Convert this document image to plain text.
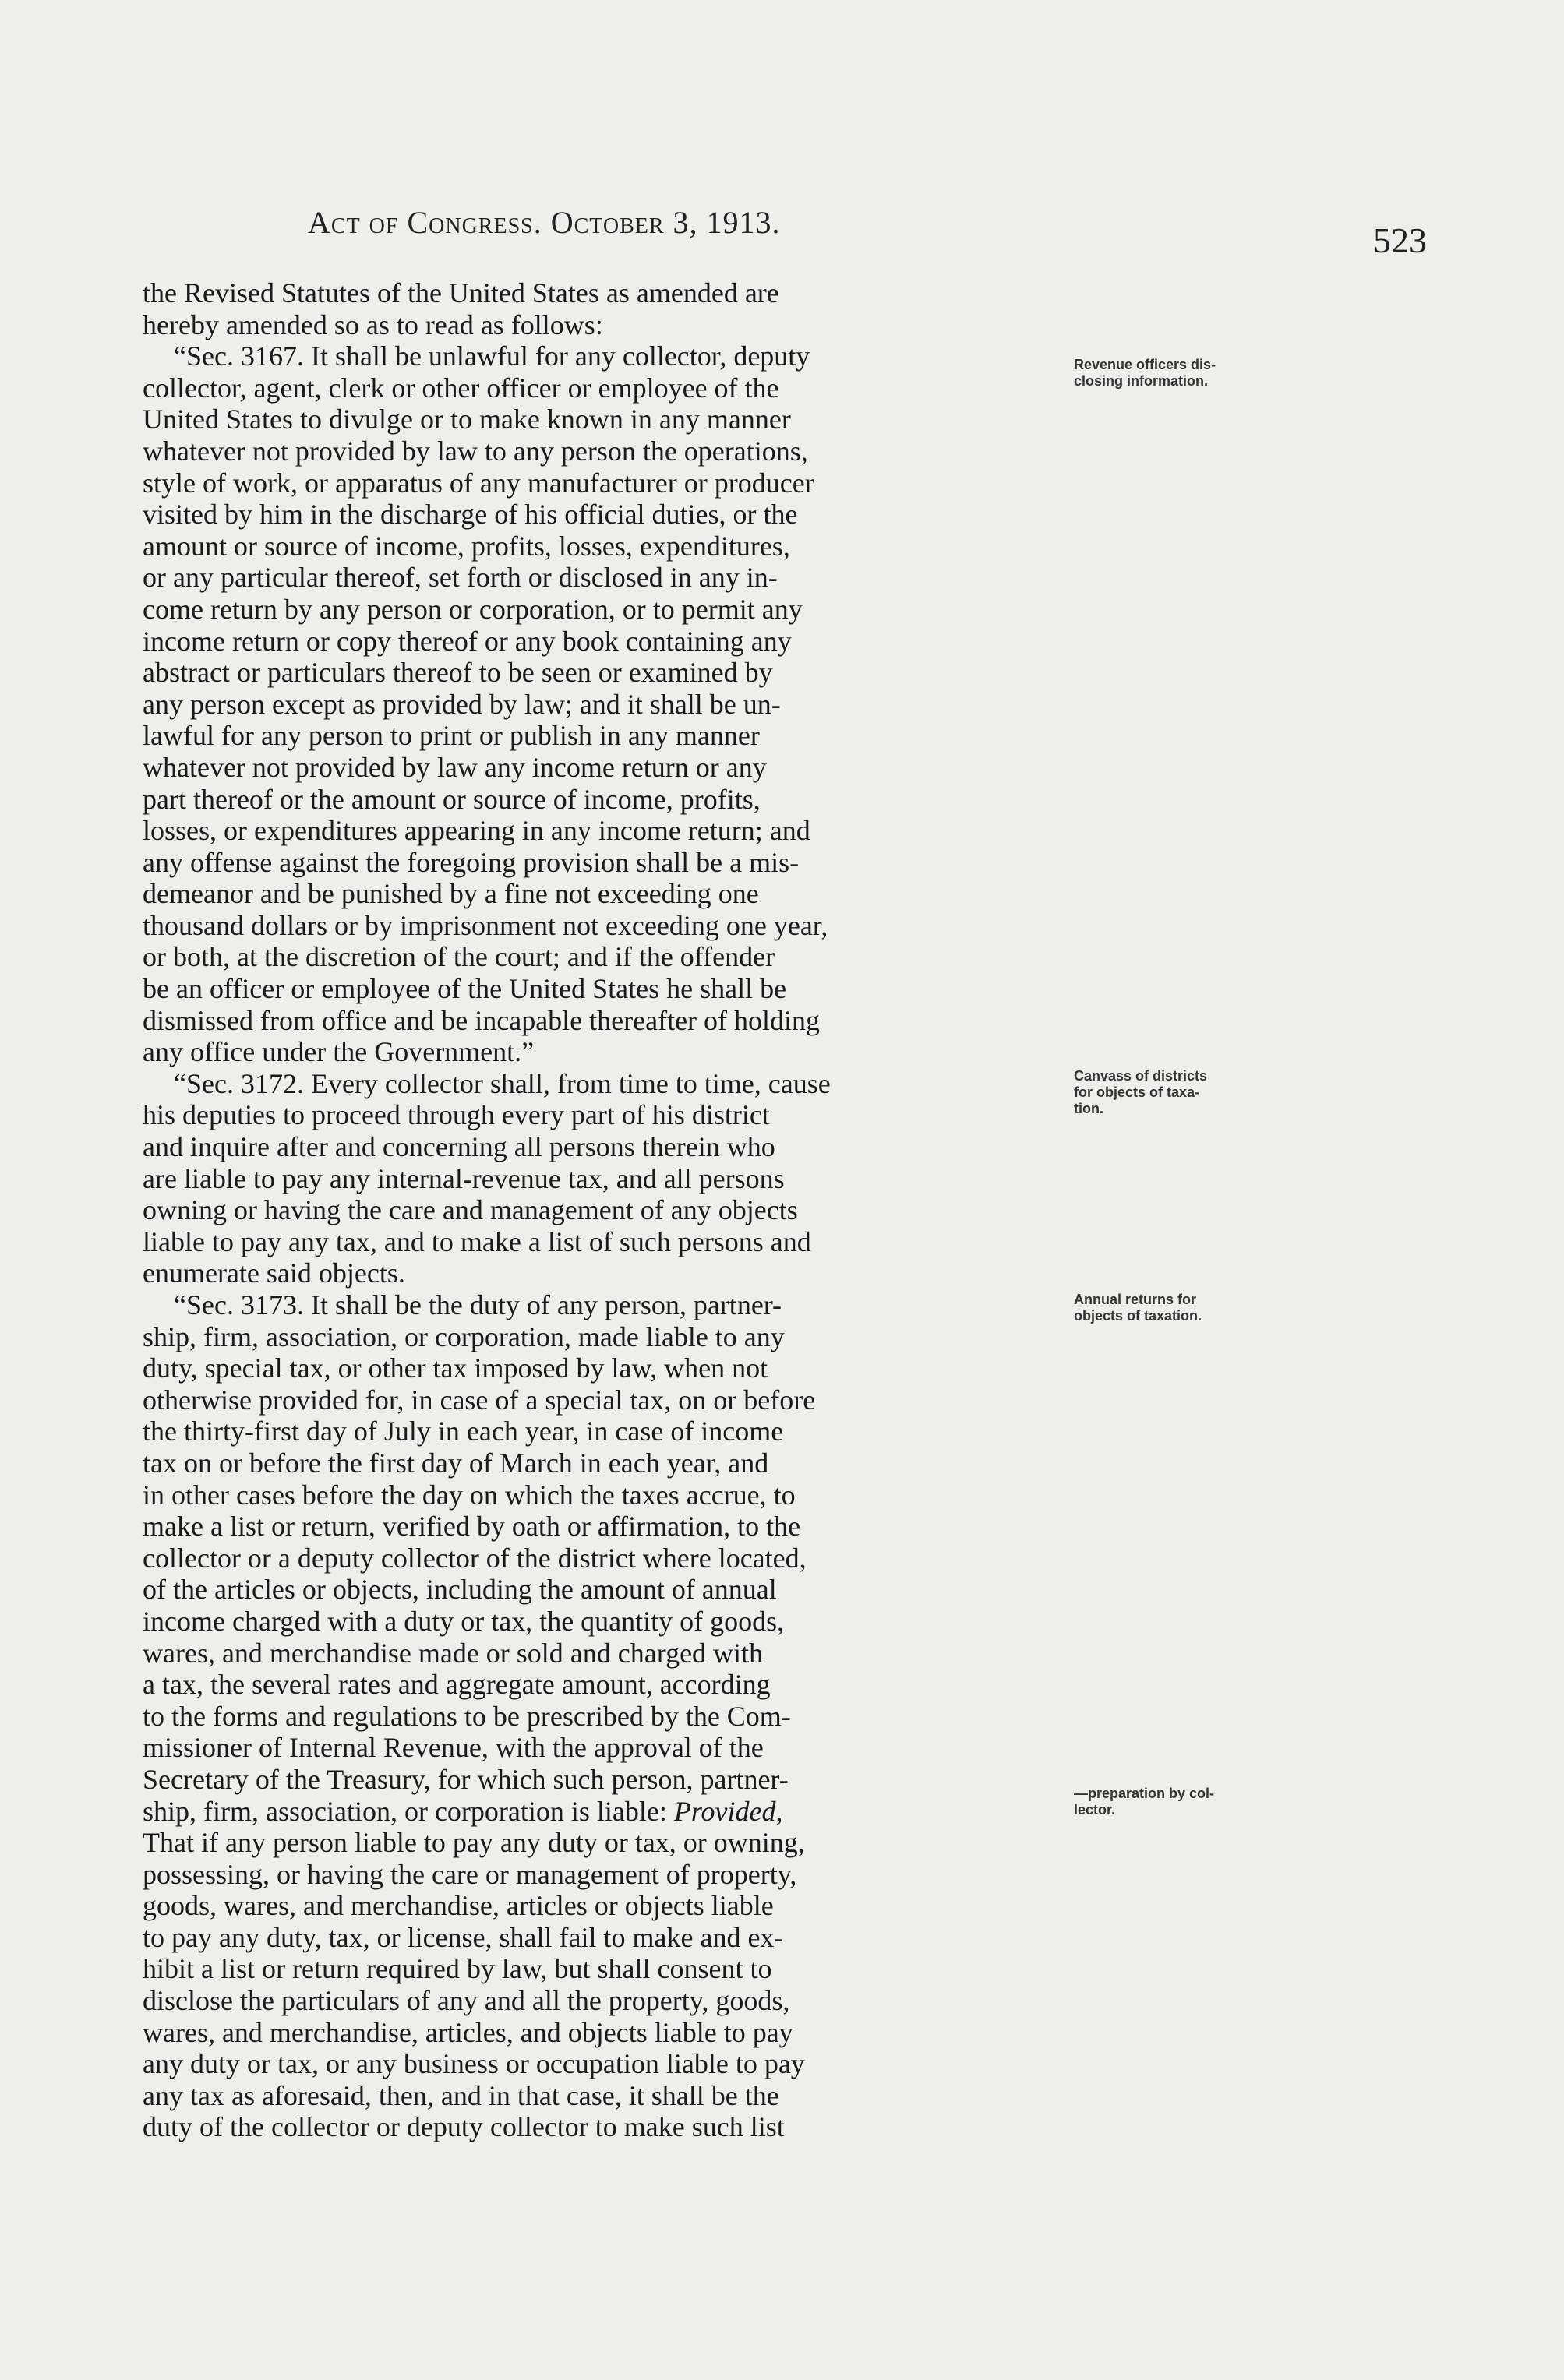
Act of Congress. October 3, 1913.	523
Revenue officers dis-
closing information.
Canvass of districts
for objects of taxa-
tion.
Annual returns for
objects of taxation.
—preparation by col-
lector.
the Revised Statutes of the United States as amended are
hereby amended so as to read as follows:
“Sec. 3167. It shall be unlawful for any collector, deputy
collector, agent, clerk or other officer or employee of the
United States to divulge or to make known in any manner
whatever not provided by law to any person the operations,
style of work, or apparatus of any manufacturer or producer
visited by him in the discharge of his official duties, or the
amount or source of income, profits, losses, expenditures,
or any particular thereof, set forth or disclosed in any in-
come return by any person or corporation, or to permit any
income return or copy thereof or any book containing any
abstract or particulars thereof to be seen or examined by
any person except as provided by law; and it shall be un-
lawful for any person to print or publish in any manner
whatever not provided by law any income return or any
part thereof or the amount or source of income, profits,
losses, or expenditures appearing in any income return; and
any offense against the foregoing provision shall be a mis-
demeanor and be punished by a fine not exceeding one
thousand dollars or by imprisonment not exceeding one year,
or both, at the discretion of the court; and if the offender
be an officer or employee of the United States he shall be
dismissed from office and be incapable thereafter of holding
any office under the Government.”
“Sec. 3172. Every collector shall, from time to time, cause
his deputies to proceed through every part of his district
and inquire after and concerning all persons therein who
are liable to pay any internal-revenue tax, and all persons
owning or having the care and management of any objects
liable to pay any tax, and to make a list of such persons and
enumerate said objects.
“Sec. 3173. It shall be the duty of any person, partner-
ship, firm, association, or corporation, made liable to any
duty, special tax, or other tax imposed by law, when not
otherwise provided for, in case of a special tax, on or before
the thirty-first day of July in each year, in case of income
tax on or before the first day of March in each year, and
in other cases before the day on which the taxes accrue, to
make a list or return, verified by oath or affirmation, to the
collector or a deputy collector of the district where located,
of the articles or objects, including the amount of annual
income charged with a duty or tax, the quantity of goods,
wares, and merchandise made or sold and charged with
a tax, the several rates and aggregate amount, according
to the forms and regulations to be prescribed by the Com-
missioner of Internal Revenue, with the approval of the
Secretary of the Treasury, for which such person, partner-
ship, firm, association, or corporation is liable: Provided,
That if any person liable to pay any duty or tax, or owning,
possessing, or having the care or management of property,
goods, wares, and merchandise, articles or objects liable
to pay any duty, tax, or license, shall fail to make and ex-
hibit a list or return required by law, but shall consent to
disclose the particulars of any and all the property, goods,
wares, and merchandise, articles, and objects liable to pay
any duty or tax, or any business or occupation liable to pay
any tax as aforesaid, then, and in that case, it shall be the
duty of the collector or deputy collector to make such list
